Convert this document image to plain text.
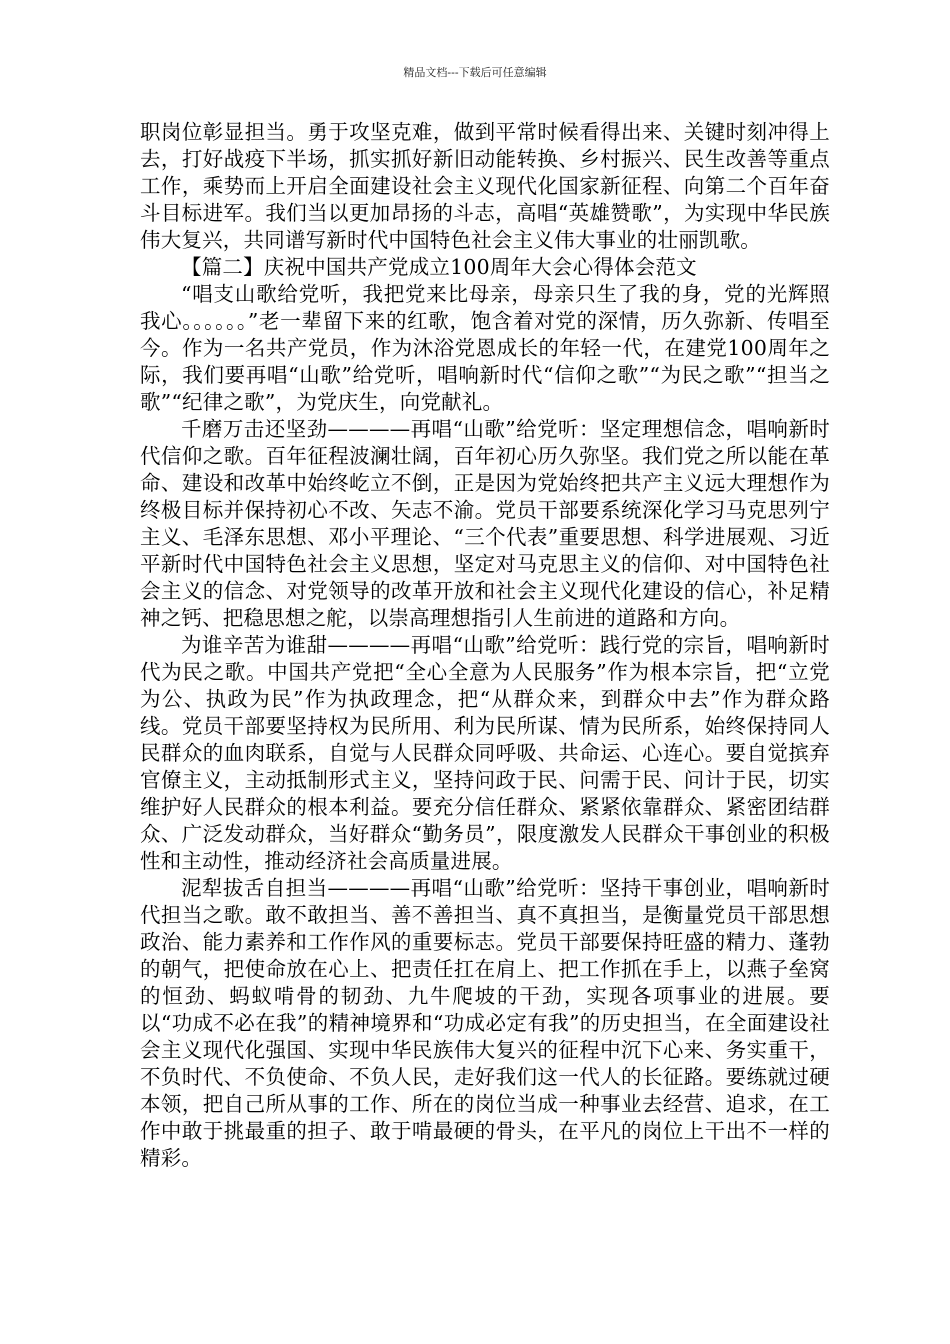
精品文档---下载后可任意编辑

职岗位彰显担当。勇于攻坚克难，做到平常时候看得出来、关键时刻冲得上去，打好战疫下半场，抓实抓好新旧动能转换、乡村振兴、民生改善等重点工作，乘势而上开启全面建设社会主义现代化国家新征程、向第二个百年奋斗目标进军。我们当以更加昂扬的斗志，高唱“英雄赞歌”，为实现中华民族伟大复兴，共同谱写新时代中国特色社会主义伟大事业的壮丽凯歌。

【篇二】庆祝中国共产党成立100周年大会心得体会范文

“唱支山歌给党听，我把党来比母亲，母亲只生了我的身，党的光辉照我心。。。。。。”老一辈留下来的红歌，饱含着对党的深情，历久弥新、传唱至今。作为一名共产党员，作为沐浴党恩成长的年轻一代，在建党100周年之际，我们要再唱“山歌”给党听，唱响新时代“信仰之歌”“为民之歌”“担当之歌”“纪律之歌”，为党庆生，向党献礼。

千磨万击还坚劲————再唱“山歌”给党听：坚定理想信念，唱响新时代信仰之歌。百年征程波澜壮阔，百年初心历久弥坚。我们党之所以能在革命、建设和改革中始终屹立不倒，正是因为党始终把共产主义远大理想作为终极目标并保持初心不改、矢志不渝。党员干部要系统深化学习马克思列宁主义、毛泽东思想、邓小平理论、“三个代表”重要思想、科学进展观、习近平新时代中国特色社会主义思想，坚定对马克思主义的信仰、对中国特色社会主义的信念、对党领导的改革开放和社会主义现代化建设的信心，补足精神之钙、把稳思想之舵，以崇高理想指引人生前进的道路和方向。

为谁辛苦为谁甜————再唱“山歌”给党听：践行党的宗旨，唱响新时代为民之歌。中国共产党把“全心全意为人民服务”作为根本宗旨，把“立党为公、执政为民”作为执政理念，把“从群众来，到群众中去”作为群众路线。党员干部要坚持权为民所用、利为民所谋、情为民所系，始终保持同人民群众的血肉联系，自觉与人民群众同呼吸、共命运、心连心。要自觉摈弃官僚主义，主动抵制形式主义，坚持问政于民、问需于民、问计于民，切实维护好人民群众的根本利益。要充分信任群众、紧紧依靠群众、紧密团结群众、广泛发动群众，当好群众“勤务员”，限度激发人民群众干事创业的积极性和主动性，推动经济社会高质量进展。

泥犁拔舌自担当————再唱“山歌”给党听：坚持干事创业，唱响新时代担当之歌。敢不敢担当、善不善担当、真不真担当，是衡量党员干部思想政治、能力素养和工作作风的重要标志。党员干部要保持旺盛的精力、蓬勃的朝气，把使命放在心上、把责任扛在肩上、把工作抓在手上，以燕子垒窝的恒劲、蚂蚁啃骨的韧劲、九牛爬坡的干劲，实现各项事业的进展。要以“功成不必在我”的精神境界和“功成必定有我”的历史担当，在全面建设社会主义现代化强国、实现中华民族伟大复兴的征程中沉下心来、务实重干，不负时代、不负使命、不负人民，走好我们这一代人的长征路。要练就过硬本领，把自己所从事的工作、所在的岗位当成一种事业去经营、追求，在工作中敢于挑最重的担子、敢于啃最硬的骨头，在平凡的岗位上干出不一样的精彩。
